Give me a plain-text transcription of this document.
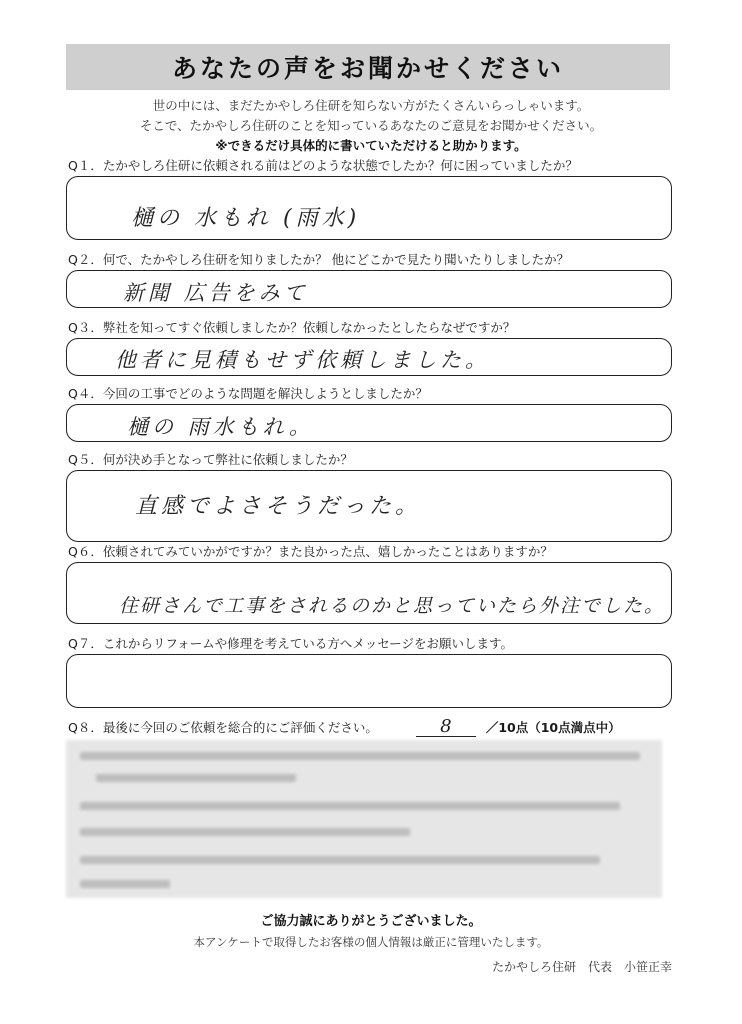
あなたの声をお聞かせください
世の中には、まだたかやしろ住研を知らない方がたくさんいらっしゃいます。
そこで、たかやしろ住研のことを知っているあなたのご意見をお聞かせください。
※できるだけ具体的に書いていただけると助かります。
Q１．たかやしろ住研に依頼される前はどのような状態でしたか？何に困っていましたか？
樋の 水もれ (雨水)
Q２．何で、たかやしろ住研を知りましたか？ 他にどこかで見たり聞いたりしましたか？
新聞 広告をみて
Q３．弊社を知ってすぐ依頼しましたか？依頼しなかったとしたらなぜですか？
他者に見積もせず依頼しました。
Q４．今回の工事でどのような問題を解決しようとしましたか？
樋の 雨水もれ。
Q５．何が決め手となって弊社に依頼しましたか？
直感でよさそうだった。
Q６．依頼されてみていかがですか？また良かった点、嬉しかったことはありますか？
住研さんで工事をされるのかと思っていたら外注でした。
Q７．これからリフォームや修理を考えている方へメッセージをお願いします。
Q８．最後に今回のご依頼を総合的にご評価ください。	8	／10点（10点満点中）
ご協力誠にありがとうございました。
本アンケートで取得したお客様の個人情報は厳正に管理いたします。
たかやしろ住研　代表　小笹正幸
